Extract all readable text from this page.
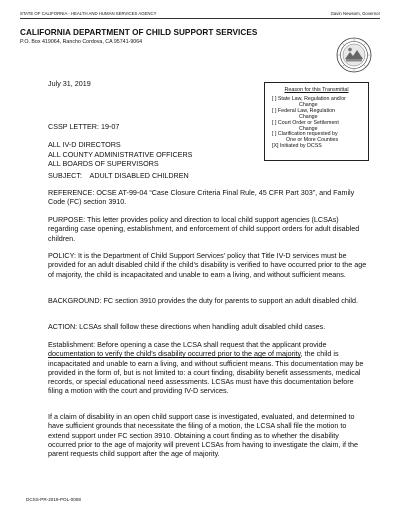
STATE OF CALIFORNIA - HEALTH AND HUMAN SERVICES AGENCY	Gavin Newsom, Governor
CALIFORNIA DEPARTMENT OF CHILD SUPPORT SERVICES
P.O. Box 419064, Rancho Cordova, CA 95741-9064
July 31, 2019
Reason for this Transmittal
[ ] State Law, Regulation and/or
Change
[ ] Federal Law, Regulation
Change
[ ] Court Order or Settlement
Change
[ ] Clarification requested by
One or More Counties
[X] Initiated by DCSS
CSSP LETTER: 19-07
ALL IV-D DIRECTORS
ALL COUNTY ADMINISTRATIVE OFFICERS
ALL BOARDS OF SUPERVISORS
SUBJECT:    ADULT DISABLED CHILDREN

REFERENCE: OCSE AT-99-04 “Case Closure Criteria Final Rule, 45 CFR Part 303”, and Family Code (FC) section 3910.

PURPOSE: This letter provides policy and direction to local child support agencies (LCSAs) regarding case opening, establishment, and enforcement of child support orders for adult disabled children.

POLICY: It is the Department of Child Support Services’ policy that Title IV-D services must be provided for an adult disabled child if the child’s disability is verified to have occurred prior to the age of majority, the child is incapacitated and unable to earn a living, and without sufficient means.

BACKGROUND: FC section 3910 provides the duty for parents to support an adult disabled child.

ACTION: LCSAs shall follow these directions when handling adult disabled child cases.

Establishment: Before opening a case the LCSA shall request that the applicant provide documentation to verify the child’s disability occurred prior to the age of majority, the child is incapacitated and unable to earn a living, and without sufficient means. This documentation may be provided in the form of, but is not limited to: a court finding, disability benefit assessments, medical records, or special educational need assessments. LCSAs must have this documentation before filing a motion with the court and providing IV-D services.

If a claim of disability in an open child support case is investigated, evaluated, and determined to have sufficient grounds that necessitate the filing of a motion, the LCSA shall file the motion to extend support under FC section 3910. Obtaining a court finding as to whether the disability occurred prior to the age of majority will prevent LCSAs from having to investigate the claim, if the parent requests child support after the age of majority.

DCSS-PR-2019-POL-0008
